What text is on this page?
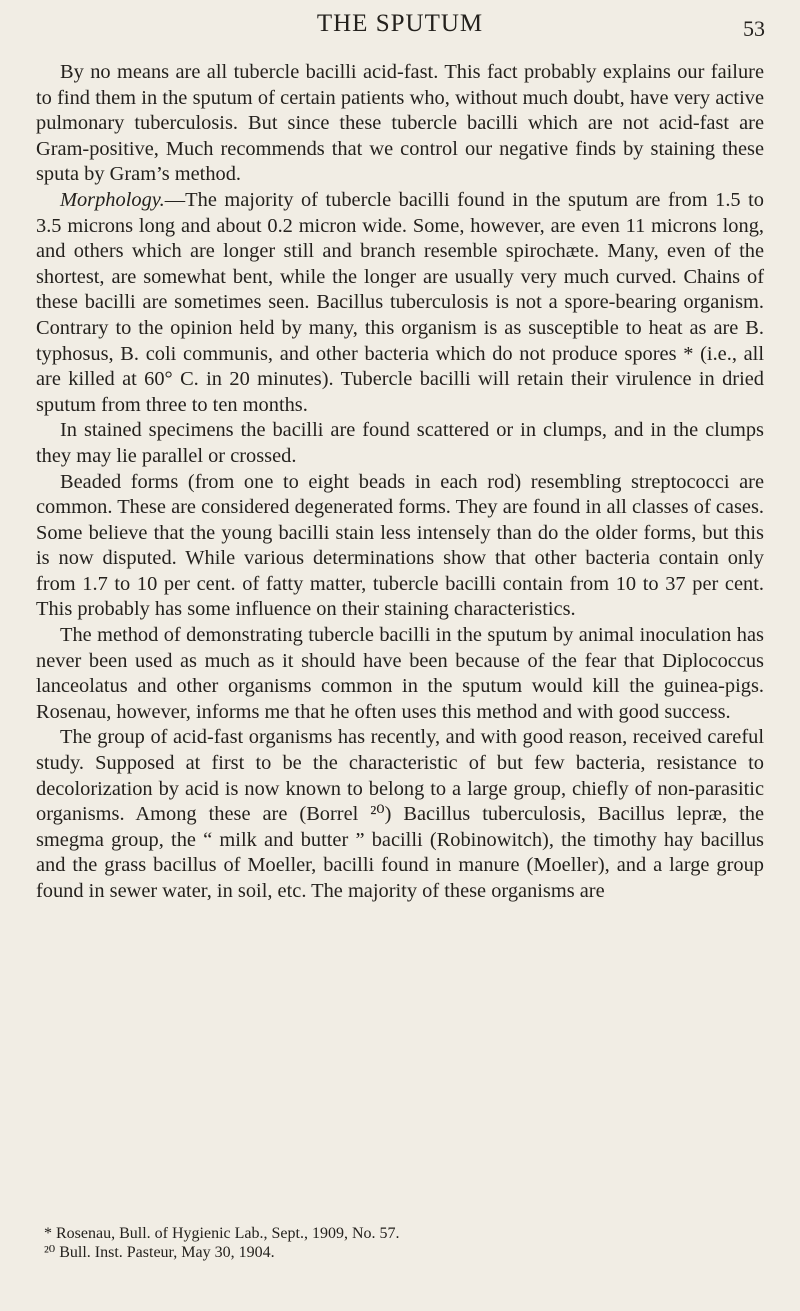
THE SPUTUM	53

By no means are all tubercle bacilli acid-fast. This fact probably explains our failure to find them in the sputum of certain patients who, without much doubt, have very active pulmonary tuberculosis. But since these tubercle bacilli which are not acid-fast are Gram-positive, Much recommends that we control our negative finds by staining these sputa by Gram’s method.

Morphology.—The majority of tubercle bacilli found in the sputum are from 1.5 to 3.5 microns long and about 0.2 micron wide. Some, however, are even 11 microns long, and others which are longer still and branch resemble spirochæte. Many, even of the shortest, are somewhat bent, while the longer are usually very much curved. Chains of these bacilli are sometimes seen. Bacillus tuberculosis is not a spore-bearing organism. Contrary to the opinion held by many, this organism is as susceptible to heat as are B. typhosus, B. coli communis, and other bacteria which do not produce spores * (i.e., all are killed at 60° C. in 20 minutes). Tubercle bacilli will retain their virulence in dried sputum from three to ten months.

In stained specimens the bacilli are found scattered or in clumps, and in the clumps they may lie parallel or crossed.

Beaded forms (from one to eight beads in each rod) resembling streptococci are common. These are considered degenerated forms. They are found in all classes of cases. Some believe that the young bacilli stain less intensely than do the older forms, but this is now disputed. While various determinations show that other bacteria contain only from 1.7 to 10 per cent. of fatty matter, tubercle bacilli contain from 10 to 37 per cent. This probably has some influence on their staining characteristics.

The method of demonstrating tubercle bacilli in the sputum by animal inoculation has never been used as much as it should have been because of the fear that Diplococcus lanceolatus and other organisms common in the sputum would kill the guinea-pigs. Rosenau, however, informs me that he often uses this method and with good success.

The group of acid-fast organisms has recently, and with good reason, received careful study. Supposed at first to be the characteristic of but few bacteria, resistance to decolorization by acid is now known to belong to a large group, chiefly of non-parasitic organisms. Among these are (Borrel ²⁰) Bacillus tuberculosis, Bacillus lepræ, the smegma group, the “ milk and butter ” bacilli (Robinowitch), the timothy hay bacillus and the grass bacillus of Moeller, bacilli found in manure (Moeller), and a large group found in sewer water, in soil, etc. The majority of these organisms are

* Rosenau, Bull. of Hygienic Lab., Sept., 1909, No. 57.
²⁰ Bull. Inst. Pasteur, May 30, 1904.
